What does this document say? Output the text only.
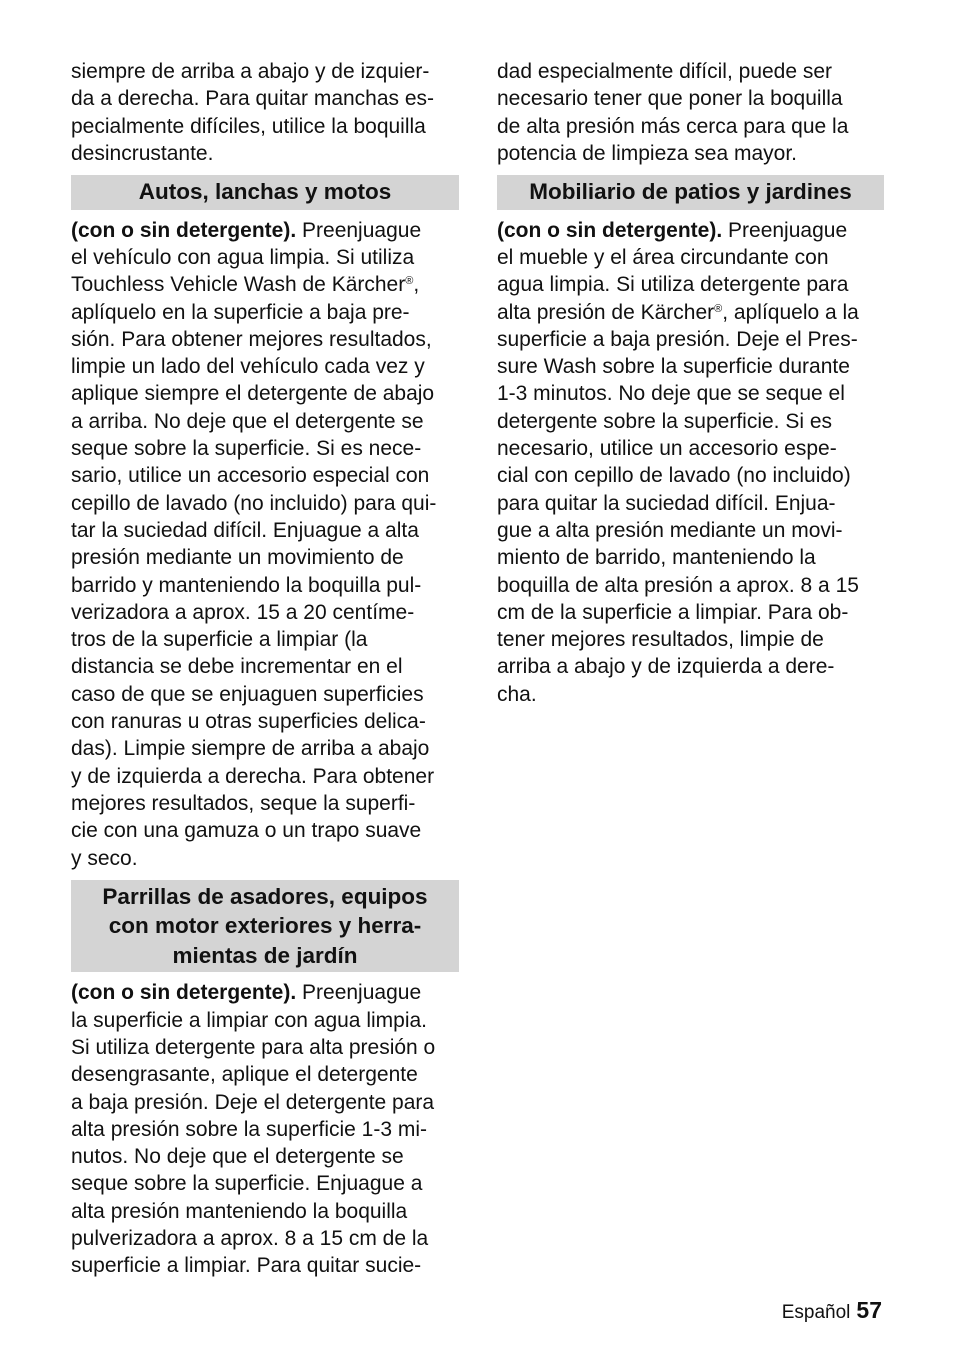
siempre de arriba a abajo y de izquier-
da a derecha. Para quitar manchas es-
pecialmente difíciles, utilice la boquilla
desincrustante.

Autos, lanchas y motos

(con o sin detergente). Preenjuague
el vehículo con agua limpia. Si utiliza
Touchless Vehicle Wash de Kärcher®,
aplíquelo en la superficie a baja pre-
sión. Para obtener mejores resultados,
limpie un lado del vehículo cada vez y
aplique siempre el detergente de abajo
a arriba. No deje que el detergente se
seque sobre la superficie. Si es nece-
sario, utilice un accesorio especial con
cepillo de lavado (no incluido) para qui-
tar la suciedad difícil. Enjuague a alta
presión mediante un movimiento de
barrido y manteniendo la boquilla pul-
verizadora a aprox. 15 a 20 centíme-
tros de la superficie a limpiar (la
distancia se debe incrementar en el
caso de que se enjuaguen superficies
con ranuras u otras superficies delica-
das). Limpie siempre de arriba a abajo
y de izquierda a derecha. Para obtener
mejores resultados, seque la superfi-
cie con una gamuza o un trapo suave
y seco.

Parrillas de asadores, equipos
con motor exteriores y herra-
mientas de jardín

(con o sin detergente). Preenjuague
la superficie a limpiar con agua limpia.
Si utiliza detergente para alta presión o
desengrasante, aplique el detergente
a baja presión. Deje el detergente para
alta presión sobre la superficie 1-3 mi-
nutos. No deje que el detergente se
seque sobre la superficie. Enjuague a
alta presión manteniendo la boquilla
pulverizadora a aprox. 8 a 15 cm de la
superficie a limpiar. Para quitar sucie-

dad especialmente difícil, puede ser
necesario tener que poner la boquilla
de alta presión más cerca para que la
potencia de limpieza sea mayor.

Mobiliario de patios y jardines

(con o sin detergente). Preenjuague
el mueble y el área circundante con
agua limpia. Si utiliza detergente para
alta presión de Kärcher®, aplíquelo a la
superficie a baja presión. Deje el Pres-
sure Wash sobre la superficie durante
1-3 minutos. No deje que se seque el
detergente sobre la superficie. Si es
necesario, utilice un accesorio espe-
cial con cepillo de lavado (no incluido)
para quitar la suciedad difícil. Enjua-
gue a alta presión mediante un movi-
miento de barrido, manteniendo la
boquilla de alta presión a aprox. 8 a 15
cm de la superficie a limpiar. Para ob-
tener mejores resultados, limpie de
arriba a abajo y de izquierda a dere-
cha.

Español 57
